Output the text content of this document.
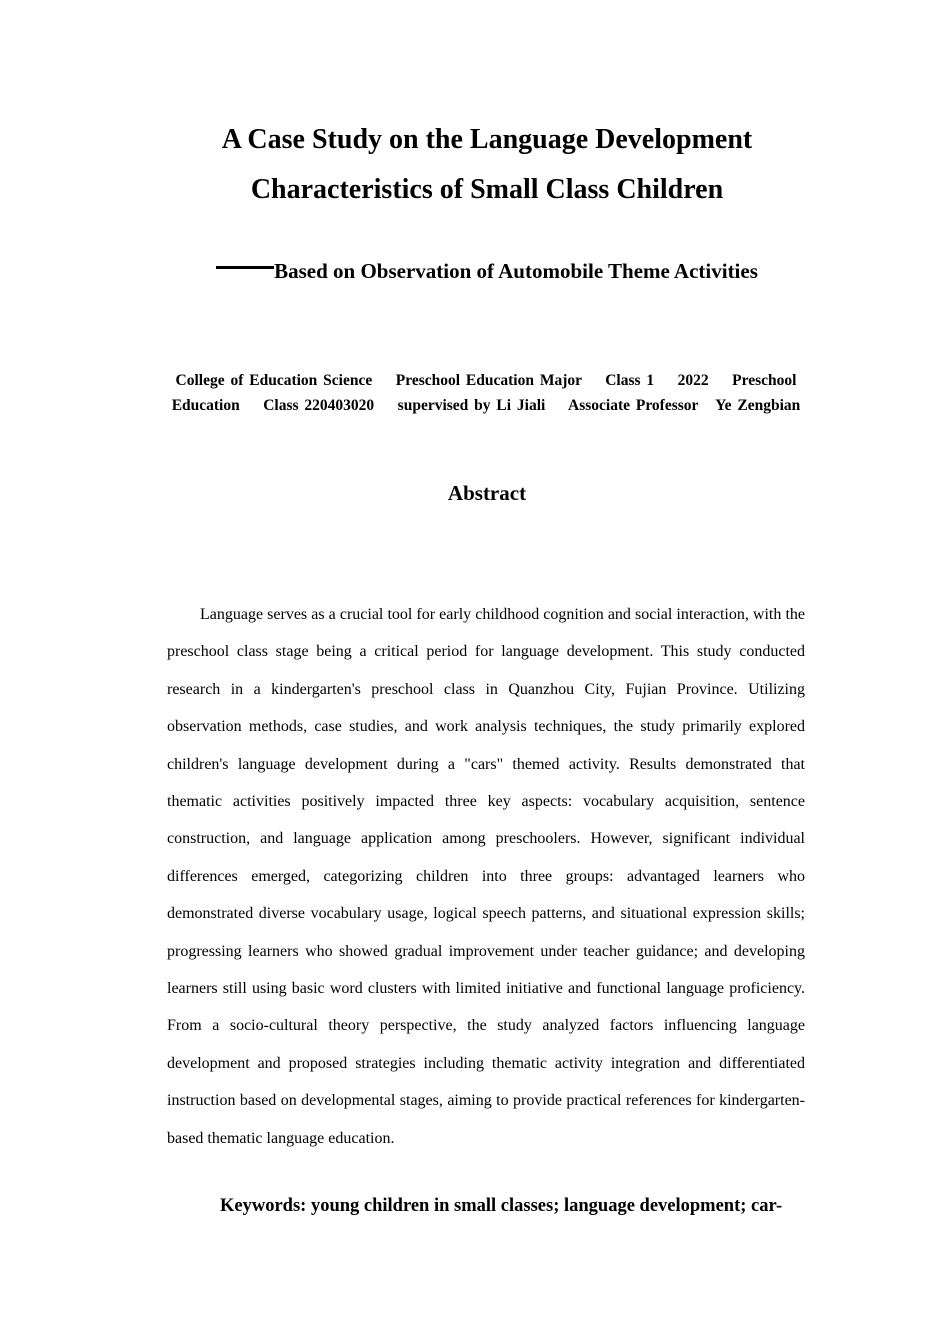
A Case Study on the Language Development
Characteristics of Small Class Children
Based on Observation of Automobile Theme Activities
College of Education Science    Preschool Education Major    Class 1    2022    Preschool
Education    Class 220403020    supervised by Li Jiali    Associate Professor   Ye Zengbian
Abstract
Language serves as a crucial tool for early childhood cognition and social interaction, with the preschool class stage being a critical period for language development. This study conducted research in a kindergarten's preschool class in Quanzhou City, Fujian Province. Utilizing observation methods, case studies, and work analysis techniques, the study primarily explored children's language development during a "cars" themed activity. Results demonstrated that thematic activities positively impacted three key aspects: vocabulary acquisition, sentence construction, and language application among preschoolers. However, significant individual differences emerged, categorizing children into three groups: advantaged learners who demonstrated diverse vocabulary usage, logical speech patterns, and situational expression skills; progressing learners who showed gradual improvement under teacher guidance; and developing learners still using basic word clusters with limited initiative and functional language proficiency. From a socio-cultural theory perspective, the study analyzed factors influencing language development and proposed strategies including thematic activity integration and differentiated instruction based on developmental stages, aiming to provide practical references for kindergarten-based thematic language education.
Keywords: young children in small classes; language development; car-
